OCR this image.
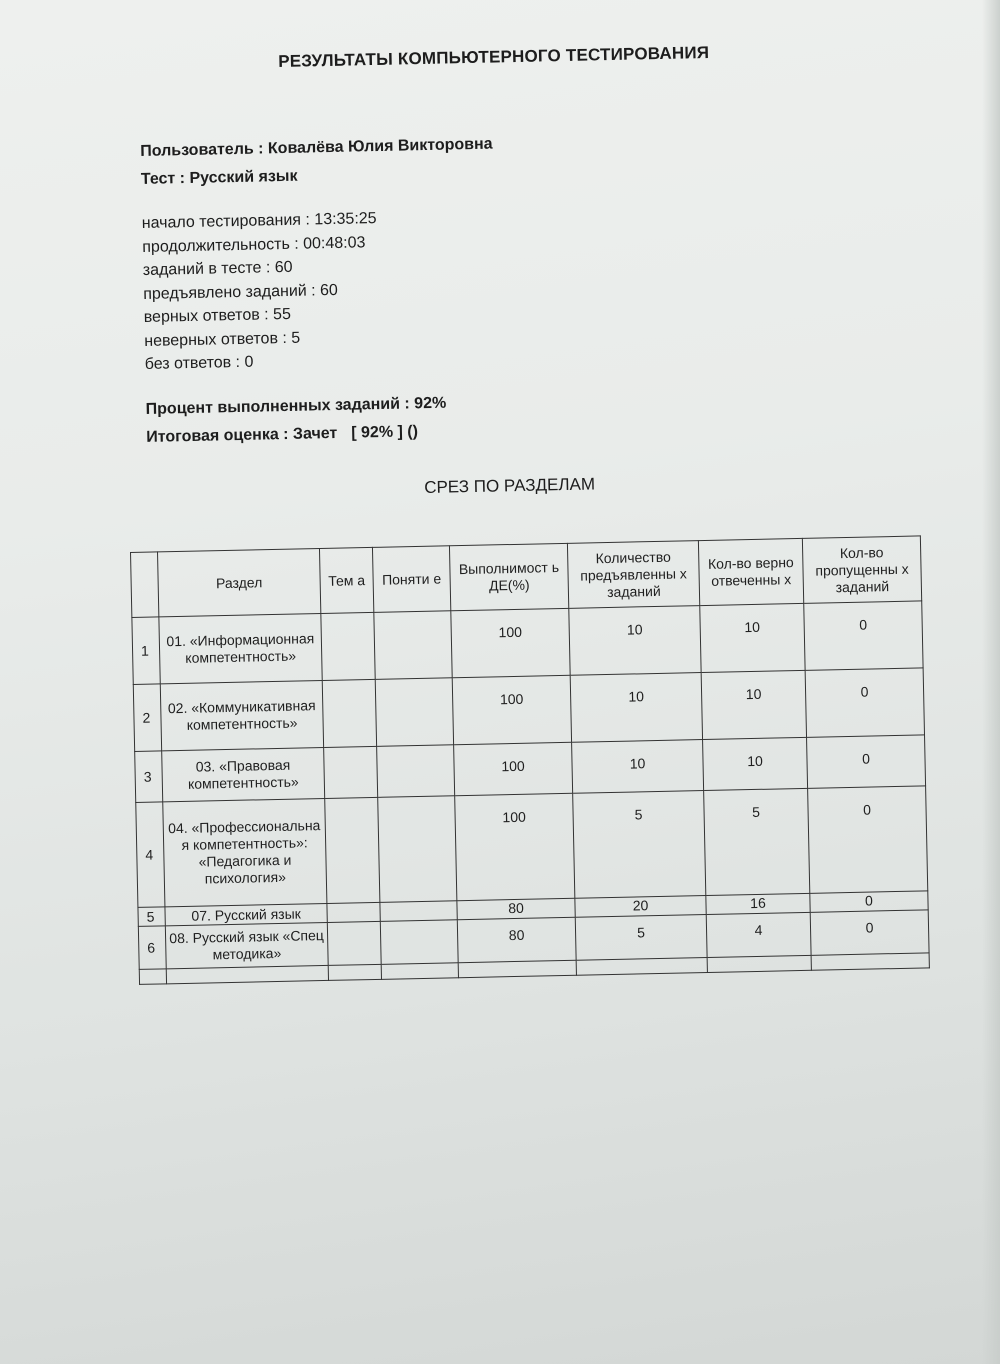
РЕЗУЛЬТАТЫ КОМПЬЮТЕРНОГО ТЕСТИРОВАНИЯ
Пользователь : Ковалёва Юлия Викторовна
Тест : Русский язык
начало тестирования : 13:35:25
продолжительность : 00:48:03
заданий в тесте : 60
предъявлено заданий : 60
верных ответов : 55
неверных ответов : 5
без ответов : 0
Процент выполненных заданий : 92%
Итоговая оценка : Зачет [ 92% ] ()
СРЕЗ ПО РАЗДЕЛАМ
	Раздел	Тем а	Поняти е	Выполнимост ь ДЕ(%)	Количество предъявленны х заданий	Кол-во верно отвеченны х	Кол-во пропущенны х заданий
1	01. «Информационная компетентность»			100	10	10	0
2	02. «Коммуникативная компетентность»			100	10	10	0
3	03. «Правовая компетентность»			100	10	10	0
4	04. «Профессиональна я компетентность»: «Педагогика и психология»			100	5	5	0
5	07. Русский язык			80	20	16	0
6	08. Русский язык «Спец методика»			80	5	4	0
